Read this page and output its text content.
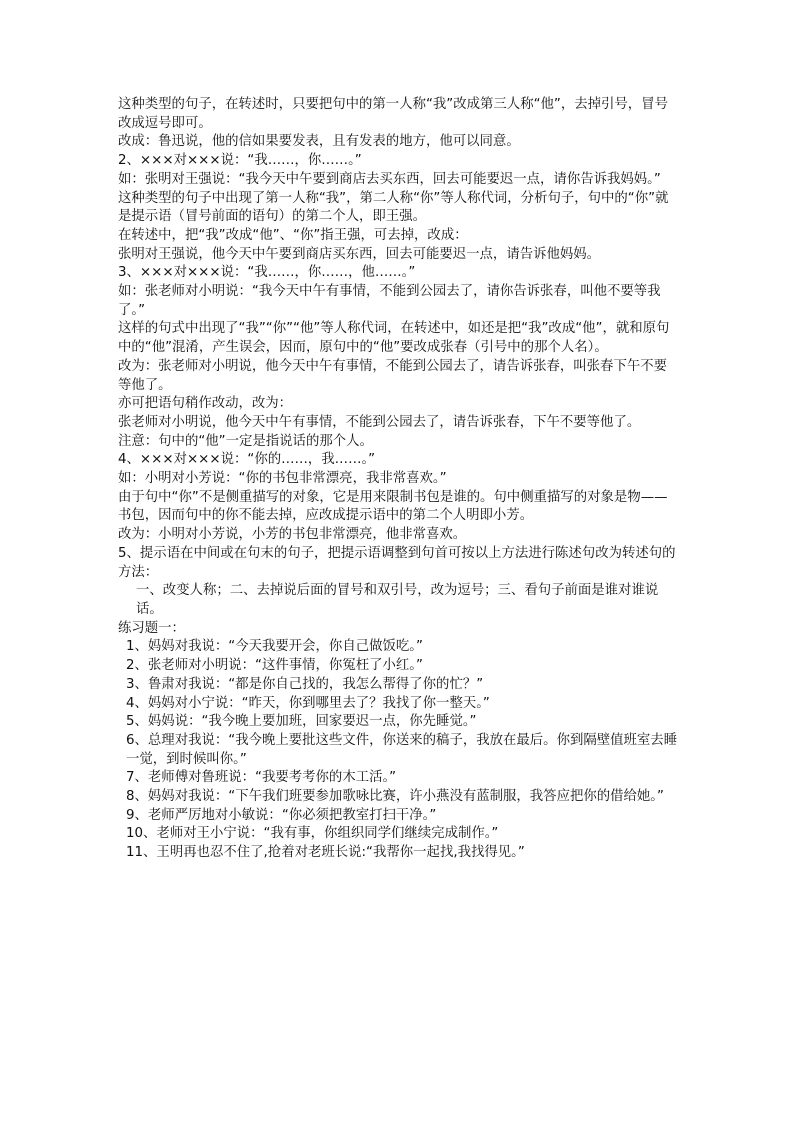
这种类型的句子，在转述时，只要把句中的第一人称“我”改成第三人称“他”，去掉引号，冒号改成逗号即可。

改成：鲁迅说，他的信如果要发表，且有发表的地方，他可以同意。

2、×××对×××说：“我……，你……。”

如：张明对王强说：“我今天中午要到商店去买东西，回去可能要迟一点，请你告诉我妈妈。”

这种类型的句子中出现了第一人称“我”，第二人称“你”等人称代词，分析句子，句中的“你”就是提示语（冒号前面的语句）的第二个人，即王强。

在转述中，把“我”改成“他”、“你”指王强，可去掉，改成：

张明对王强说，他今天中午要到商店买东西，回去可能要迟一点，请告诉他妈妈。

3、×××对×××说：“我……，你……，他……。”

如：张老师对小明说：“我今天中午有事情，不能到公园去了，请你告诉张春，叫他不要等我了。”

这样的句式中出现了“我”“你”“他”等人称代词，在转述中，如还是把“我”改成“他”，就和原句中的“他”混淆，产生误会，因而，原句中的“他”要改成张春（引号中的那个人名）。

改为：张老师对小明说，他今天中午有事情，不能到公园去了，请告诉张春，叫张春下午不要等他了。

亦可把语句稍作改动，改为：

张老师对小明说，他今天中午有事情，不能到公园去了，请告诉张春，下午不要等他了。

注意：句中的“他”一定是指说话的那个人。

4、×××对×××说：“你的……，我……。”

如：小明对小芳说：“你的书包非常漂亮，我非常喜欢。”

由于句中“你”不是侧重描写的对象，它是用来限制书包是谁的。句中侧重描写的对象是物——书包，因而句中的你不能去掉，应改成提示语中的第二个人明即小芳。

改为：小明对小芳说，小芳的书包非常漂亮，他非常喜欢。

5、提示语在中间或在句末的句子，把提示语调整到句首可按以上方法进行陈述句改为转述句的方法：

一、改变人称；二、去掉说后面的冒号和双引号，改为逗号；三、看句子前面是谁对谁说话。

练习题一：

1、妈妈对我说：“今天我要开会，你自己做饭吃。”

2、张老师对小明说：“这件事情，你冤枉了小红。”

3、鲁肃对我说：“都是你自己找的，我怎么帮得了你的忙？”

4、妈妈对小宁说：“昨天，你到哪里去了？我找了你一整天。”

5、妈妈说：“我今晚上要加班，回家要迟一点，你先睡觉。”

6、总理对我说：“我今晚上要批这些文件，你送来的稿子，我放在最后。你到隔壁值班室去睡一觉，到时候叫你。”

7、老师傅对鲁班说：“我要考考你的木工活。”

8、妈妈对我说：“下午我们班要参加歌咏比赛，许小燕没有蓝制服，我答应把你的借给她。”

9、老师严厉地对小敏说：“你必须把教室打扫干净。”

10、老师对王小宁说：“我有事，你组织同学们继续完成制作。”

11、王明再也忍不住了,抢着对老班长说:“我帮你一起找,我找得见。”
